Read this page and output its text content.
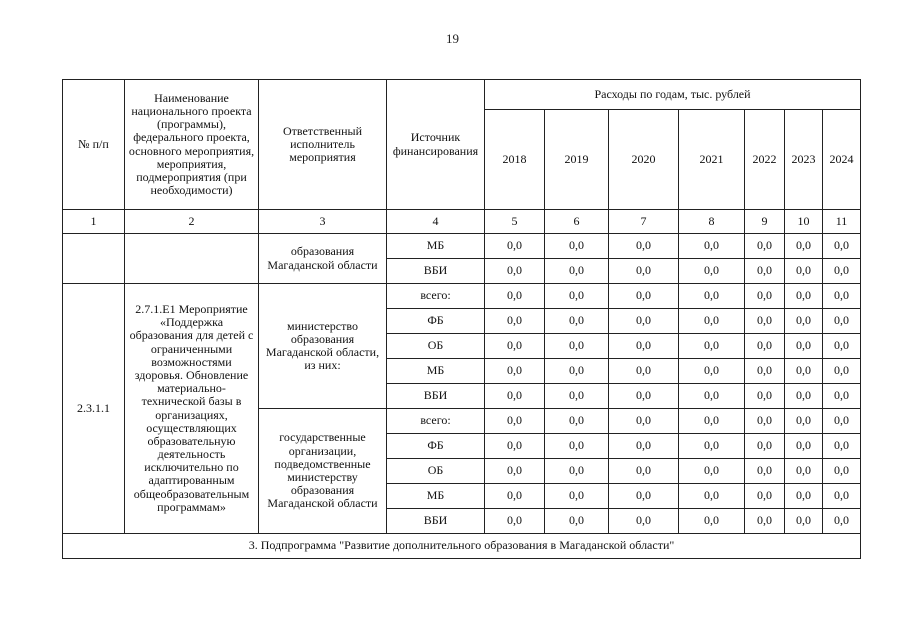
19
№ п/п	Наименование национального проекта (программы), федерального проекта, основного мероприятия, мероприятия, подмероприятия (при необходимости)	Ответственный исполнитель мероприятия	Источник финансирования	Расходы по годам, тыс. рублей						
				2018	2019	2020	2021	2022	2023	2024
1	2	3	4	5	6	7	8	9	10	11
		образования Магаданской области	МБ	0,0	0,0	0,0	0,0	0,0	0,0	0,0
			ВБИ	0,0	0,0	0,0	0,0	0,0	0,0	0,0
2.3.1.1	2.7.1.Е1 Мероприятие «Поддержка образования для детей с ограниченными возможностями здоровья. Обновление материально-технической базы в организациях, осуществляющих образовательную деятельность исключительно по адаптированным общеобразовательным программам»	министерство образования Магаданской области, из них:	всего:	0,0	0,0	0,0	0,0	0,0	0,0	0,0
			ФБ	0,0	0,0	0,0	0,0	0,0	0,0	0,0
			ОБ	0,0	0,0	0,0	0,0	0,0	0,0	0,0
			МБ	0,0	0,0	0,0	0,0	0,0	0,0	0,0
			ВБИ	0,0	0,0	0,0	0,0	0,0	0,0	0,0
		государственные организации, подведомственные министерству образования Магаданской области	всего:	0,0	0,0	0,0	0,0	0,0	0,0	0,0
			ФБ	0,0	0,0	0,0	0,0	0,0	0,0	0,0
			ОБ	0,0	0,0	0,0	0,0	0,0	0,0	0,0
			МБ	0,0	0,0	0,0	0,0	0,0	0,0	0,0
			ВБИ	0,0	0,0	0,0	0,0	0,0	0,0	0,0
3. Подпрограмма "Развитие дополнительного образования в Магаданской области"										
